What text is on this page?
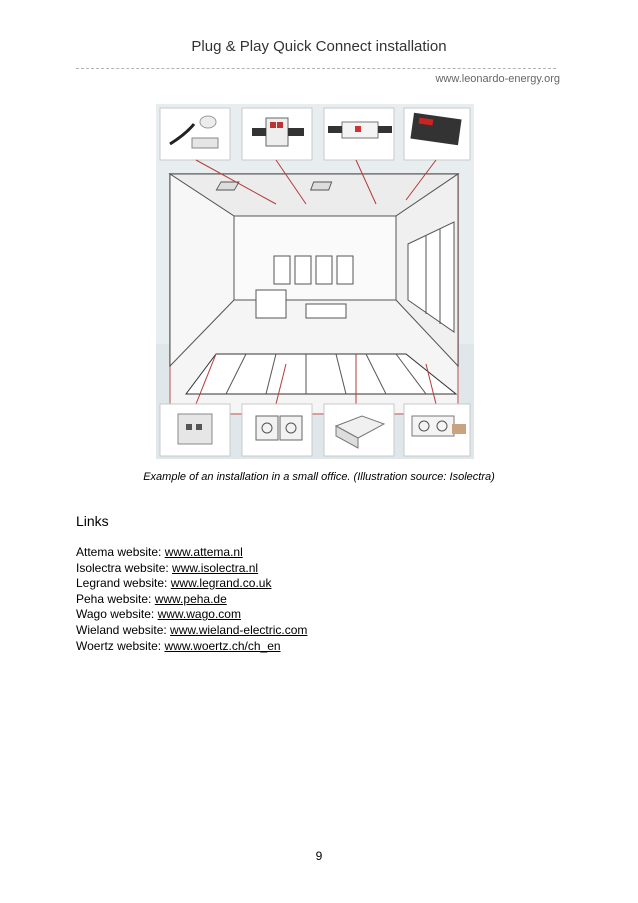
Plug & Play Quick Connect installation
www.leonardo-energy.org
Example of an installation in a small office. (Illustration source: Isolectra)
Links
Attema website: www.attema.nl
Isolectra website: www.isolectra.nl
Legrand website: www.legrand.co.uk
Peha website: www.peha.de
Wago website: www.wago.com
Wieland website: www.wieland-electric.com
Woertz website: www.woertz.ch/ch_en
9
